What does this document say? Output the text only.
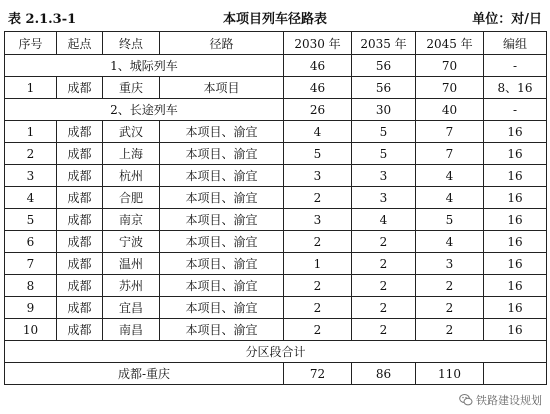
表 2.1.3-1	本项目列车径路表	单位：对/日
序号	起点	终点	径路	2030 年	2035 年	2045 年	编组
1、城际列车				46	56	70	-
1	成都	重庆	本项目	46	56	70	8、16
2、长途列车				26	30	40	-
1	成都	武汉	本项目、渝宜	4	5	7	16
2	成都	上海	本项目、渝宜	5	5	7	16
3	成都	杭州	本项目、渝宜	3	3	4	16
4	成都	合肥	本项目、渝宜	2	3	4	16
5	成都	南京	本项目、渝宜	3	4	5	16
6	成都	宁波	本项目、渝宜	2	2	4	16
7	成都	温州	本项目、渝宜	1	2	3	16
8	成都	苏州	本项目、渝宜	2	2	2	16
9	成都	宜昌	本项目、渝宜	2	2	2	16
10	成都	南昌	本项目、渝宜	2	2	2	16
分区段合计							
成都-重庆				72	86	110	
铁路建设规划
